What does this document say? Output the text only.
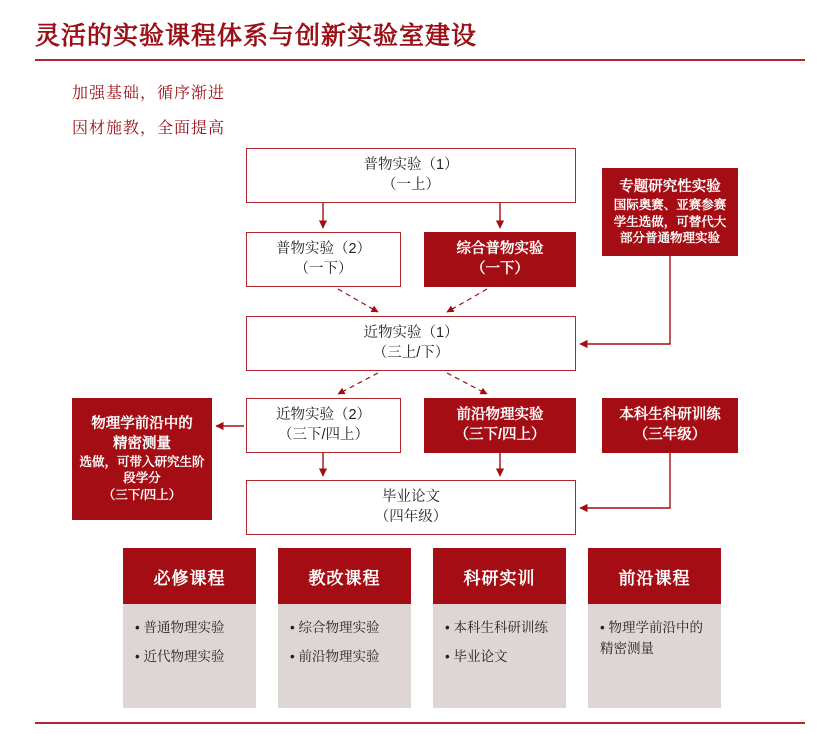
灵活的实验课程体系与创新实验室建设
加强基础，循序渐进
因材施教，全面提高
普物实验（1）
（一上）
普物实验（2）
（一下）
综合普物实验
（一下）
专题研究性实验
国际奥赛、亚赛参赛学生选做，可替代大部分普通物理实验
近物实验（1）
（三上/下）
近物实验（2）
（三下/四上）
前沿物理实验
（三下/四上）
本科生科研训练
（三年级）
物理学前沿中的
精密测量
选做，可带入研究生阶段学分
（三下/四上）	毕业论文
（四年级）
必修课程
• 普通物理实验
• 近代物理实验
教改课程
• 综合物理实验
• 前沿物理实验
科研实训
• 本科生科研训练
• 毕业论文
前沿课程
• 物理学前沿中的精密测量
